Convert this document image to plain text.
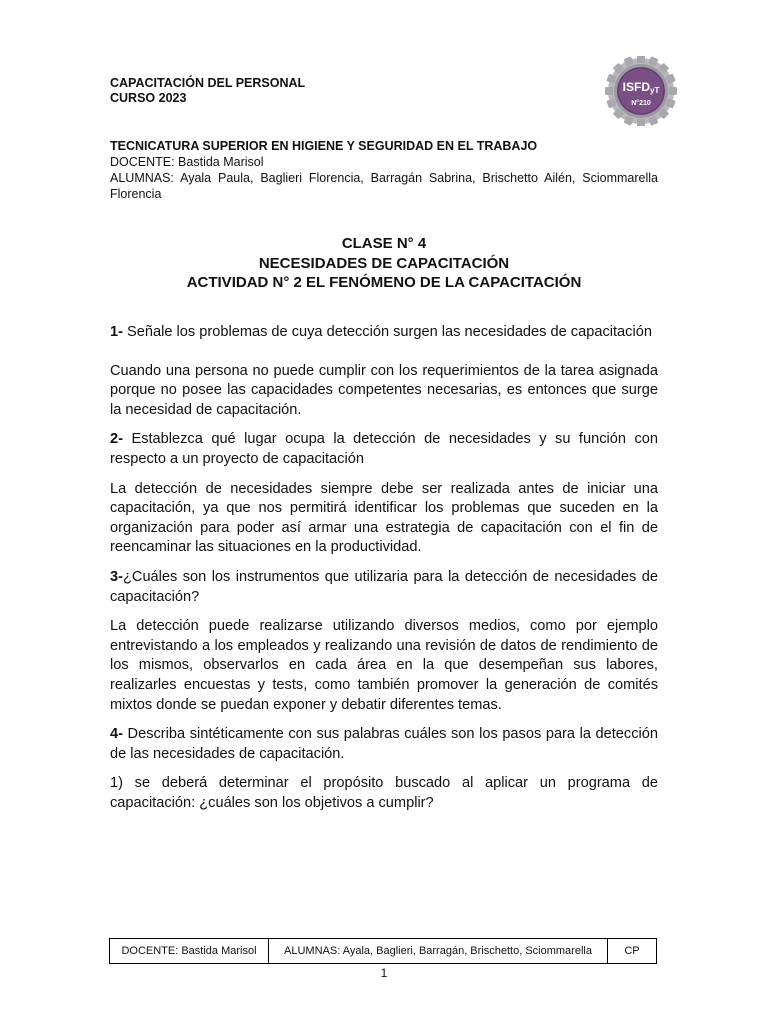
CAPACITACIÓN DEL PERSONAL
CURSO 2023
ISFDyT
N°210
TECNICATURA SUPERIOR EN HIGIENE Y SEGURIDAD EN EL TRABAJO
DOCENTE: Bastida Marisol
ALUMNAS: Ayala Paula, Baglieri Florencia, Barragán Sabrina, Brischetto Ailén, Sciommarella Florencia
CLASE N° 4
NECESIDADES DE CAPACITACIÓN
ACTIVIDAD N° 2 EL FENÓMENO DE LA CAPACITACIÓN

1- Señale los problemas de cuya detección surgen las necesidades de capacitación

Cuando una persona no puede cumplir con los requerimientos de la tarea asignada porque no posee las capacidades competentes necesarias, es entonces que surge la necesidad de capacitación.

2- Establezca qué lugar ocupa la detección de necesidades y su función con respecto a un proyecto de capacitación

La detección de necesidades siempre debe ser realizada antes de iniciar una capacitación, ya que nos permitirá identificar los problemas que suceden en la organización para poder así armar una estrategia de capacitación con el fin de reencaminar las situaciones en la productividad.

3-¿Cuáles son los instrumentos que utilizaria para la detección de necesidades de capacitación?

La detección puede realizarse utilizando diversos medios, como por ejemplo entrevistando a los empleados y realizando una revisión de datos de rendimiento de los mismos, observarlos en cada área en la que desempeñan sus labores, realizarles encuestas y tests, como también promover la generación de comités mixtos donde se puedan exponer y debatir diferentes temas.

4- Describa sintéticamente con sus palabras cuáles son los pasos para la detección de las necesidades de capacitación.

1) se deberá determinar el propósito buscado al aplicar un programa de capacitación: ¿cuáles son los objetivos a cumplir?

DOCENTE: Bastida Marisol	ALUMNAS: Ayala, Baglieri, Barragán, Brischetto, Sciommarella	CP
1
